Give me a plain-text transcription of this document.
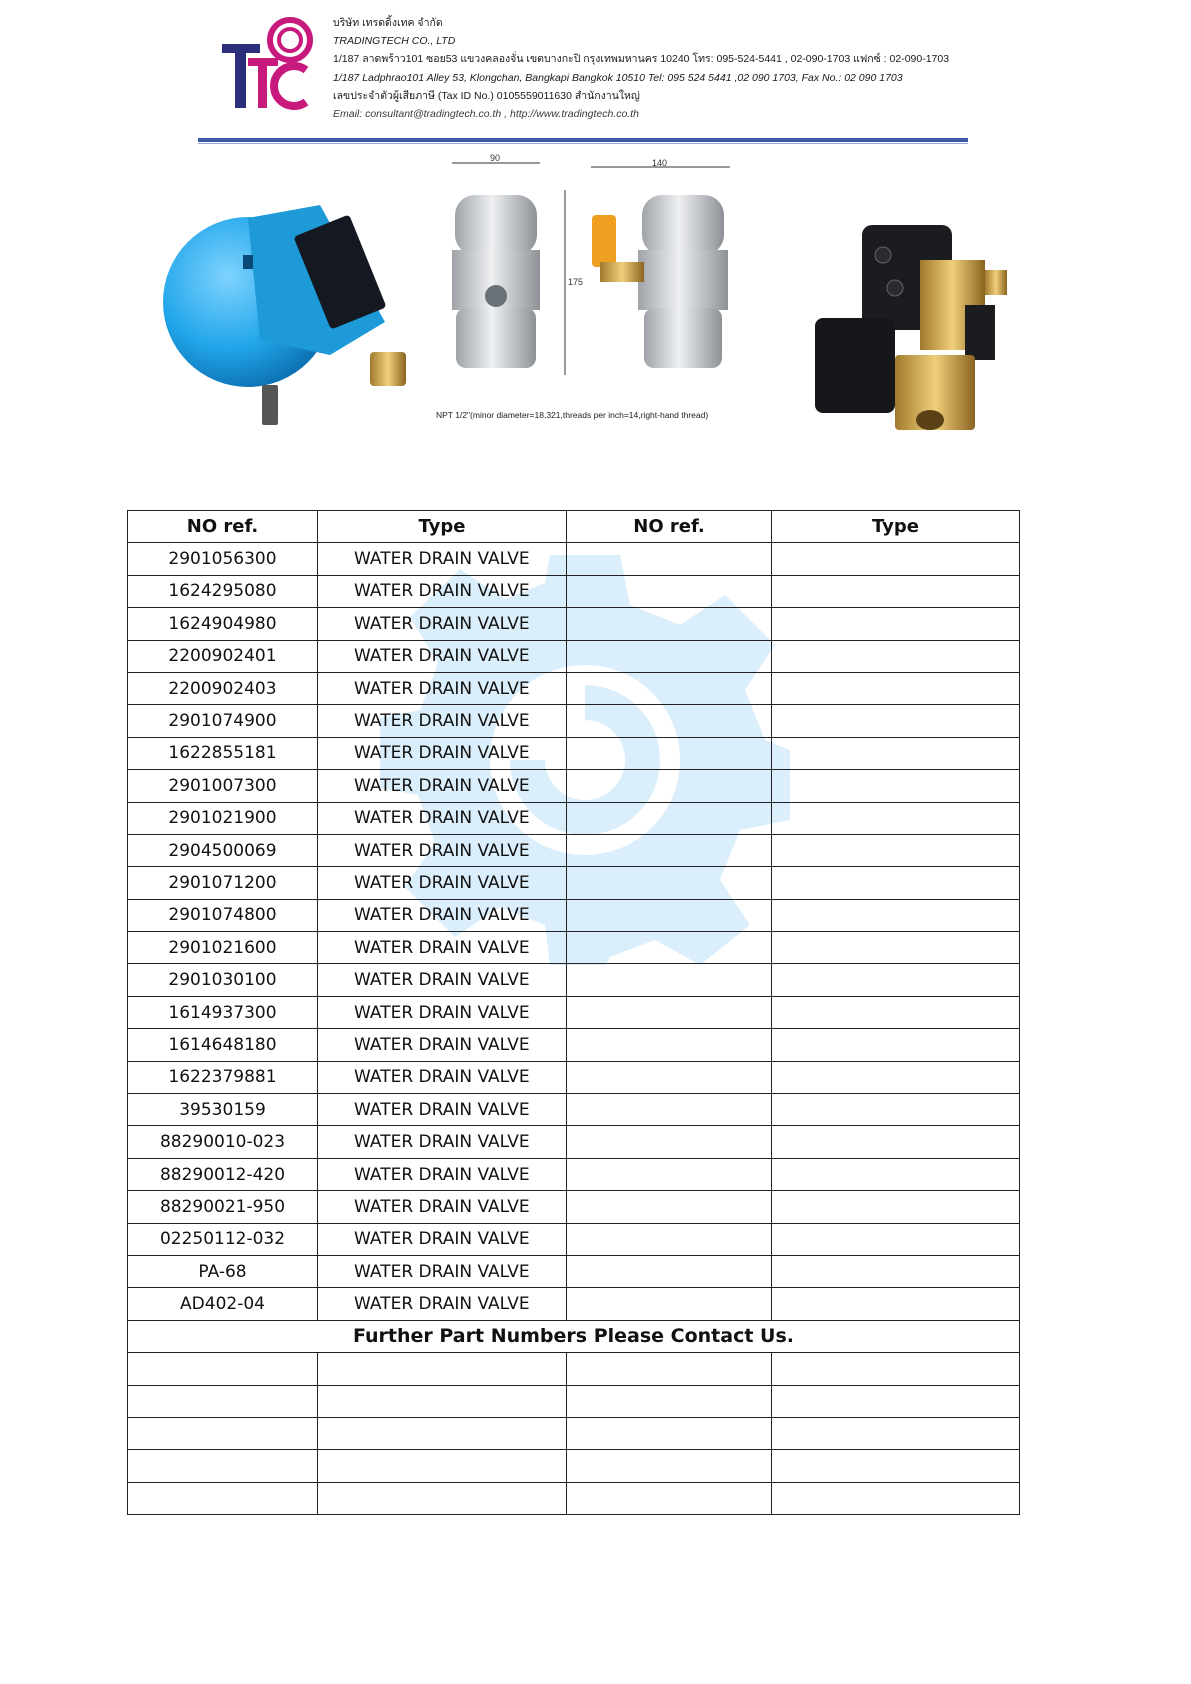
บริษัท เทรดดิ้งเทค จำกัด
TRADINGTECH CO., LTD
1/187 ลาดพร้าว101 ซอย53 แขวงคลองจั่น เขตบางกะปิ กรุงเทพมหานคร 10240 โทร: 095-524-5441 , 02-090-1703 แฟกซ์ : 02-090-1703
1/187 Ladphrao101 Alley 53, Klongchan, Bangkapi Bangkok 10510 Tel: 095 524 5441 ,02 090 1703, Fax No.: 02 090 1703
เลขประจำตัวผู้เสียภาษี (Tax ID No.) 0105559011630 สำนักงานใหญ่
Email: consultant@tradingtech.co.th , http://www.tradingtech.co.th
90	140
175
NPT 1/2"(minor diameter=18.321,threads per inch=14,right-hand thread)
NO ref.	Type	NO ref.	Type
2901056300	WATER DRAIN VALVE		
1624295080	WATER DRAIN VALVE		
1624904980	WATER DRAIN VALVE		
2200902401	WATER DRAIN VALVE		
2200902403	WATER DRAIN VALVE		
2901074900	WATER DRAIN VALVE		
1622855181	WATER DRAIN VALVE		
2901007300	WATER DRAIN VALVE		
2901021900	WATER DRAIN VALVE		
2904500069	WATER DRAIN VALVE		
2901071200	WATER DRAIN VALVE		
2901074800	WATER DRAIN VALVE		
2901021600	WATER DRAIN VALVE		
2901030100	WATER DRAIN VALVE		
1614937300	WATER DRAIN VALVE		
1614648180	WATER DRAIN VALVE		
1622379881	WATER DRAIN VALVE		
39530159	WATER DRAIN VALVE		
88290010-023	WATER DRAIN VALVE		
88290012-420	WATER DRAIN VALVE		
88290021-950	WATER DRAIN VALVE		
02250112-032	WATER DRAIN VALVE		
PA-68	WATER DRAIN VALVE		
AD402-04	WATER DRAIN VALVE		
Further Part Numbers Please Contact Us.			
